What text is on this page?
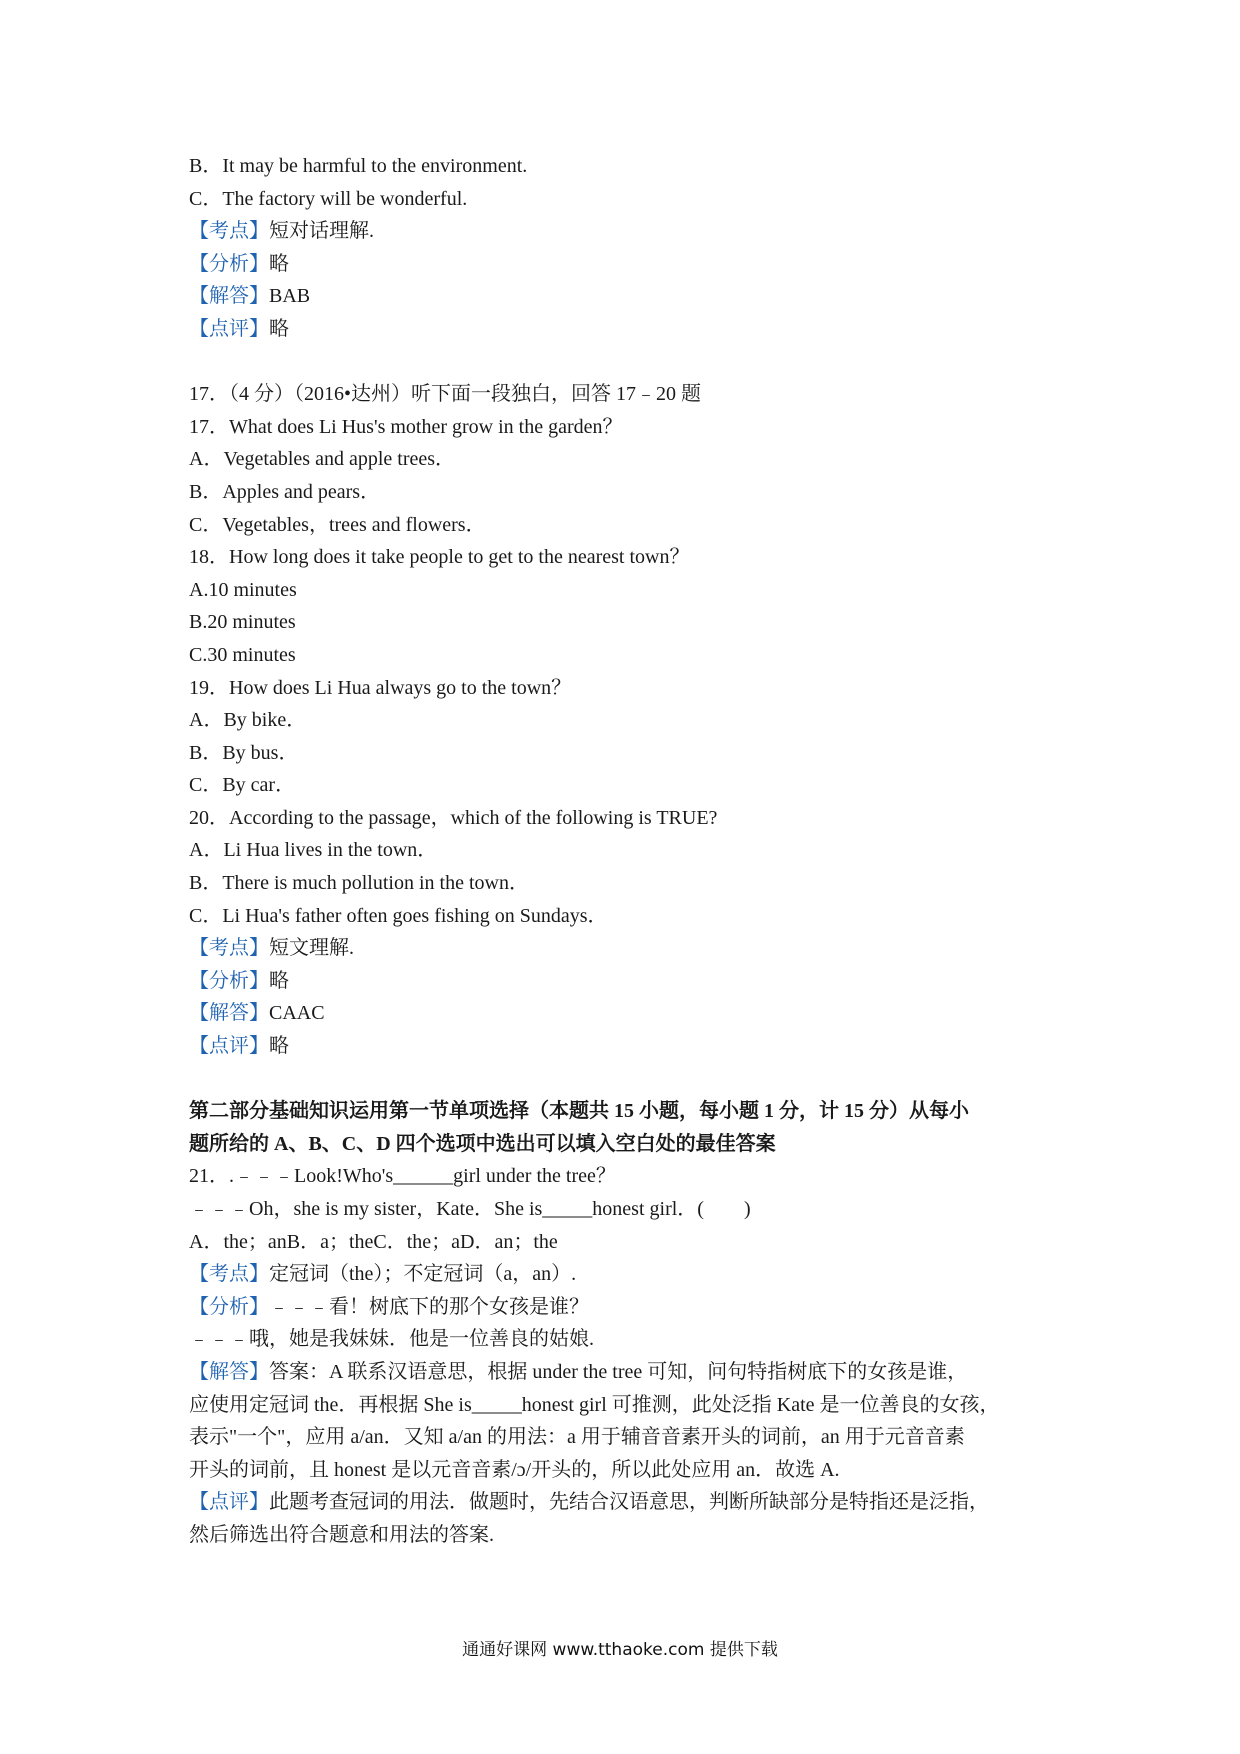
B．It may be harmful to the environment.
C．The factory will be wonderful.
【考点】短对话理解.
【分析】略
【解答】BAB
【点评】略
17．（4 分）（2016•达州）听下面一段独白，回答 17﹣20 题
17．What does Li Hus's mother grow in the garden？
A．Vegetables and apple trees．
B．Apples and pears．
C．Vegetables，trees and flowers．
18．How long does it take people to get to the nearest town？
A.10 minutes
B.20 minutes
C.30 minutes
19．How does Li Hua always go to the town？
A．By bike．
B．By bus．
C．By car．
20．According to the passage，which of the following is TRUE?
A．Li Hua lives in the town．
B．There is much pollution in the town．
C．Li Hua's father often goes fishing on Sundays．
【考点】短文理解.
【分析】略
【解答】CAAC
【点评】略
第二部分基础知识运用第一节单项选择（本题共 15 小题，每小题 1 分，计 15 分）从每小
题所给的 A、B、C、D 四个选项中选出可以填入空白处的最佳答案
21．.﹣﹣﹣Look!Who's______girl under the tree？
﹣﹣﹣Oh，she is my sister，Kate．She is_____honest girl．(        )
A．the；anB．a；theC．the；aD．an；the
【考点】定冠词（the）；不定冠词（a，an）.
【分析】﹣﹣﹣看！树底下的那个女孩是谁？
﹣﹣﹣哦，她是我妹妹．他是一位善良的姑娘.
【解答】答案：A 联系汉语意思，根据 under the tree 可知，问句特指树底下的女孩是谁，
应使用定冠词 the．再根据 She is_____honest girl 可推测，此处泛指 Kate 是一位善良的女孩，
表示"一个"，应用 a/an．又知 a/an 的用法：a 用于辅音音素开头的词前，an 用于元音音素
开头的词前，且 honest 是以元音音素/ɔ/开头的，所以此处应用 an．故选 A.
【点评】此题考查冠词的用法．做题时，先结合汉语意思，判断所缺部分是特指还是泛指，
然后筛选出符合题意和用法的答案.
通通好课网 www.tthaoke.com 提供下载
